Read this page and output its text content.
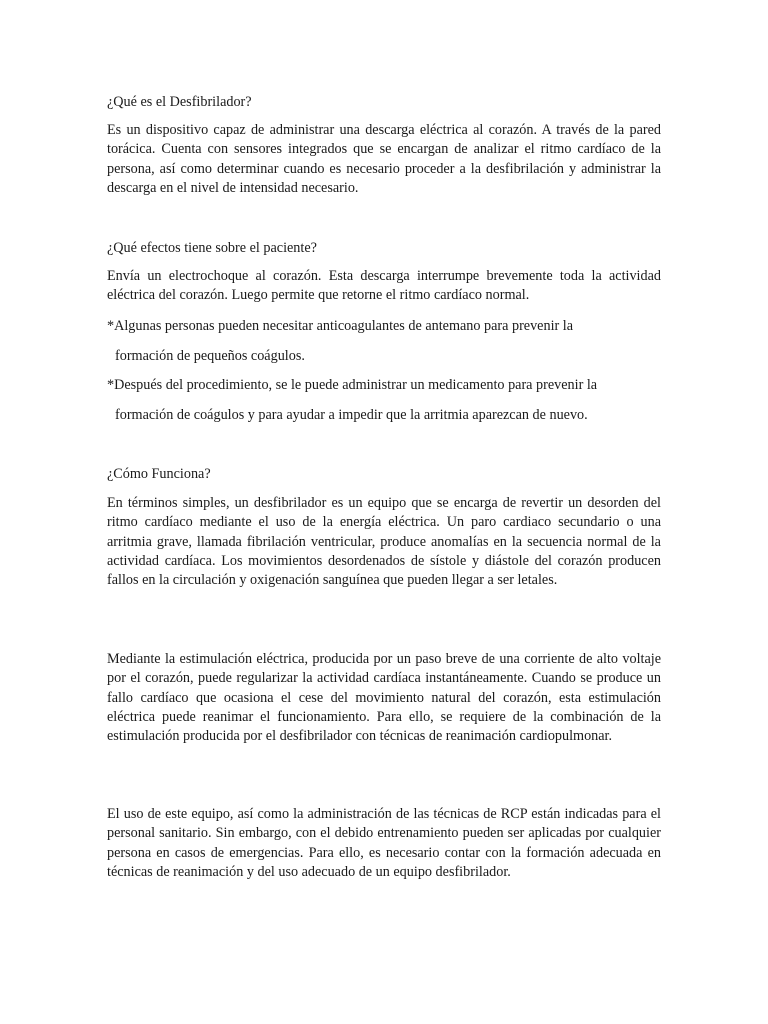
¿Qué es el Desfibrilador?
Es un dispositivo capaz de administrar una descarga eléctrica al corazón. A través de la pared torácica. Cuenta con sensores integrados que se encargan de analizar el ritmo cardíaco de la persona, así como determinar cuando es necesario proceder a la desfibrilación y administrar la descarga en el nivel de intensidad necesario.
¿Qué efectos tiene sobre el paciente?
Envía un electrochoque al corazón. Esta descarga interrumpe brevemente toda la actividad eléctrica del corazón. Luego permite que retorne el ritmo cardíaco normal.
*Algunas personas pueden necesitar anticoagulantes de antemano para prevenir la
formación de pequeños coágulos.
*Después del procedimiento, se le puede administrar un medicamento para prevenir la
formación de coágulos y para ayudar a impedir que la arritmia aparezcan de nuevo.
¿Cómo Funciona?
En términos simples, un desfibrilador es un equipo que se encarga de revertir un desorden del ritmo cardíaco mediante el uso de la energía eléctrica. Un paro cardiaco secundario o una arritmia grave, llamada fibrilación ventricular, produce anomalías en la secuencia normal de la actividad cardíaca. Los movimientos desordenados de sístole y diástole del corazón producen fallos en la circulación y oxigenación sanguínea que pueden llegar a ser letales.
Mediante la estimulación eléctrica, producida por un paso breve de una corriente de alto voltaje por el corazón, puede regularizar la actividad cardíaca instantáneamente. Cuando se produce un fallo cardíaco que ocasiona el cese del movimiento natural del corazón, esta estimulación eléctrica puede reanimar el funcionamiento. Para ello, se requiere de la combinación de la estimulación producida por el desfibrilador con técnicas de reanimación cardiopulmonar.
El uso de este equipo, así como la administración de las técnicas de RCP están indicadas para el personal sanitario. Sin embargo, con el debido entrenamiento pueden ser aplicadas por cualquier persona en casos de emergencias. Para ello, es necesario contar con la formación adecuada en técnicas de reanimación y del uso adecuado de un equipo desfibrilador.
